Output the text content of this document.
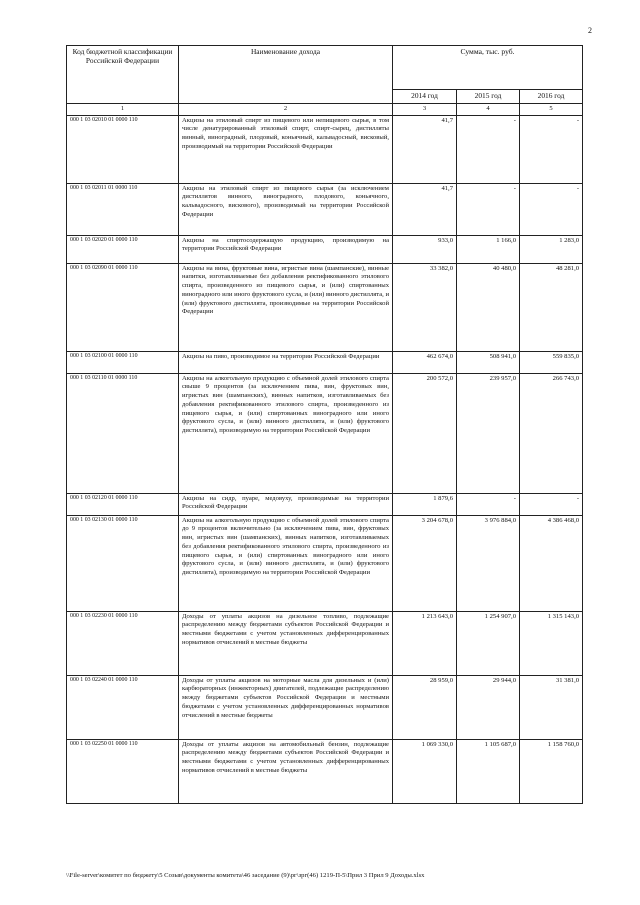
2
Код бюджетной классификации Российской Федерации	Наименование дохода	Сумма, тыс. руб.		
		2014 год	2015 год	2016 год
1	2	3	4	5
000 1 03 02010 01 0000 110	Акцизы на этиловый спирт из пищевого или непищевого сырья, в том числе денатурированный этиловый спирт, спирт-сырец, дистилляты винный, виноградный, плодовый, коньячный, кальвадосный, висковый, производимый на территории Российской Федерации	41,7	-	-
000 1 03 02011 01 0000 110	Акцизы на этиловый спирт из пищевого сырья (за исключением дистиллятов винного, виноградного, плодового, коньячного, кальвадосного, вискового), производимый на территории Российской Федерации	41,7	-	-
000 1 03 02020 01 0000 110	Акцизы на спиртосодержащую продукцию, производимую на территории Российской Федерации	933,0	1 166,0	1 283,0
000 1 03 02090 01 0000 110	Акцизы на вина, фруктовые вина, игристые вина (шампанские), винные напитки, изготавливаемые без добавления ректификованного этилового спирта, произведенного из пищевого сырья, и (или) спиртованных виноградного или иного фруктового сусла, и (или) винного дистиллята, и (или) фруктового дистиллята, производимые на территории Российской Федерации	33 382,0	40 480,0	48 281,0
000 1 03 02100 01 0000 110	Акцизы на пиво, производимое на территории Российской Федерации	462 674,0	508 941,0	559 835,0
000 1 03 02110 01 0000 110	Акцизы на алкогольную продукцию с объемной долей этилового спирта свыше 9 процентов (за исключением пива, вин, фруктовых вин, игристых вин (шампанских), винных напитков, изготавливаемых без добавления ректификованного этилового спирта, произведенного из пищевого сырья, и (или) спиртованных виноградного или иного фруктового сусла, и (или) винного дистиллята, и (или) фруктового дистиллята), производимую на территории Российской Федерации	200 572,0	239 957,0	266 743,0
000 1 03 02120 01 0000 110	Акцизы на сидр, пуаре, медовуху, производимые на территории Российской Федерации	1 879,6	-	-
000 1 03 02130 01 0000 110	Акцизы на алкогольную продукцию с объемной долей этилового спирта до 9 процентов включительно (за исключением пива, вин, фруктовых вин, игристых вин (шампанских), винных напитков, изготавливаемых без добавления ректификованного этилового спирта, произведенного из пищевого сырья, и (или) спиртованных виноградного или иного фруктового сусла, и (или) винного дистиллята, и (или) фруктового дистиллята), производимую на территории Российской Федерации	3 204 678,0	3 976 884,0	4 386 468,0
000 1 03 02230 01 0000 110	Доходы от уплаты акцизов на дизельное топливо, подлежащие распределению между бюджетами субъектов Российской Федерации и местными бюджетами с учетом установленных дифференцированных нормативов отчислений в местные бюджеты	1 213 643,0	1 254 907,0	1 315 143,0
000 1 03 02240 01 0000 110	Доходы от уплаты акцизов на моторные масла для дизельных и (или) карбюраторных (инжекторных) двигателей, подлежащие распределению между бюджетами субъектов Российской Федерации и местными бюджетами с учетом установленных дифференцированных нормативов отчислений в местные бюджеты	28 959,0	29 944,0	31 381,0
000 1 03 02250 01 0000 110	Доходы от уплаты акцизов на автомобильный бензин, подлежащие распределению между бюджетами субъектов Российской Федерации и местными бюджетами с учетом установленных дифференцированных нормативов отчислений в местные бюджеты	1 069 330,0	1 105 687,0	1 158 760,0
\\File-server\комитет по бюджету\5 Созыв\документы комитета\46 заседание (9)\рг\зрг(46) 1219-П-5\Прил 3 Прил 9 Доходы.xlsx
